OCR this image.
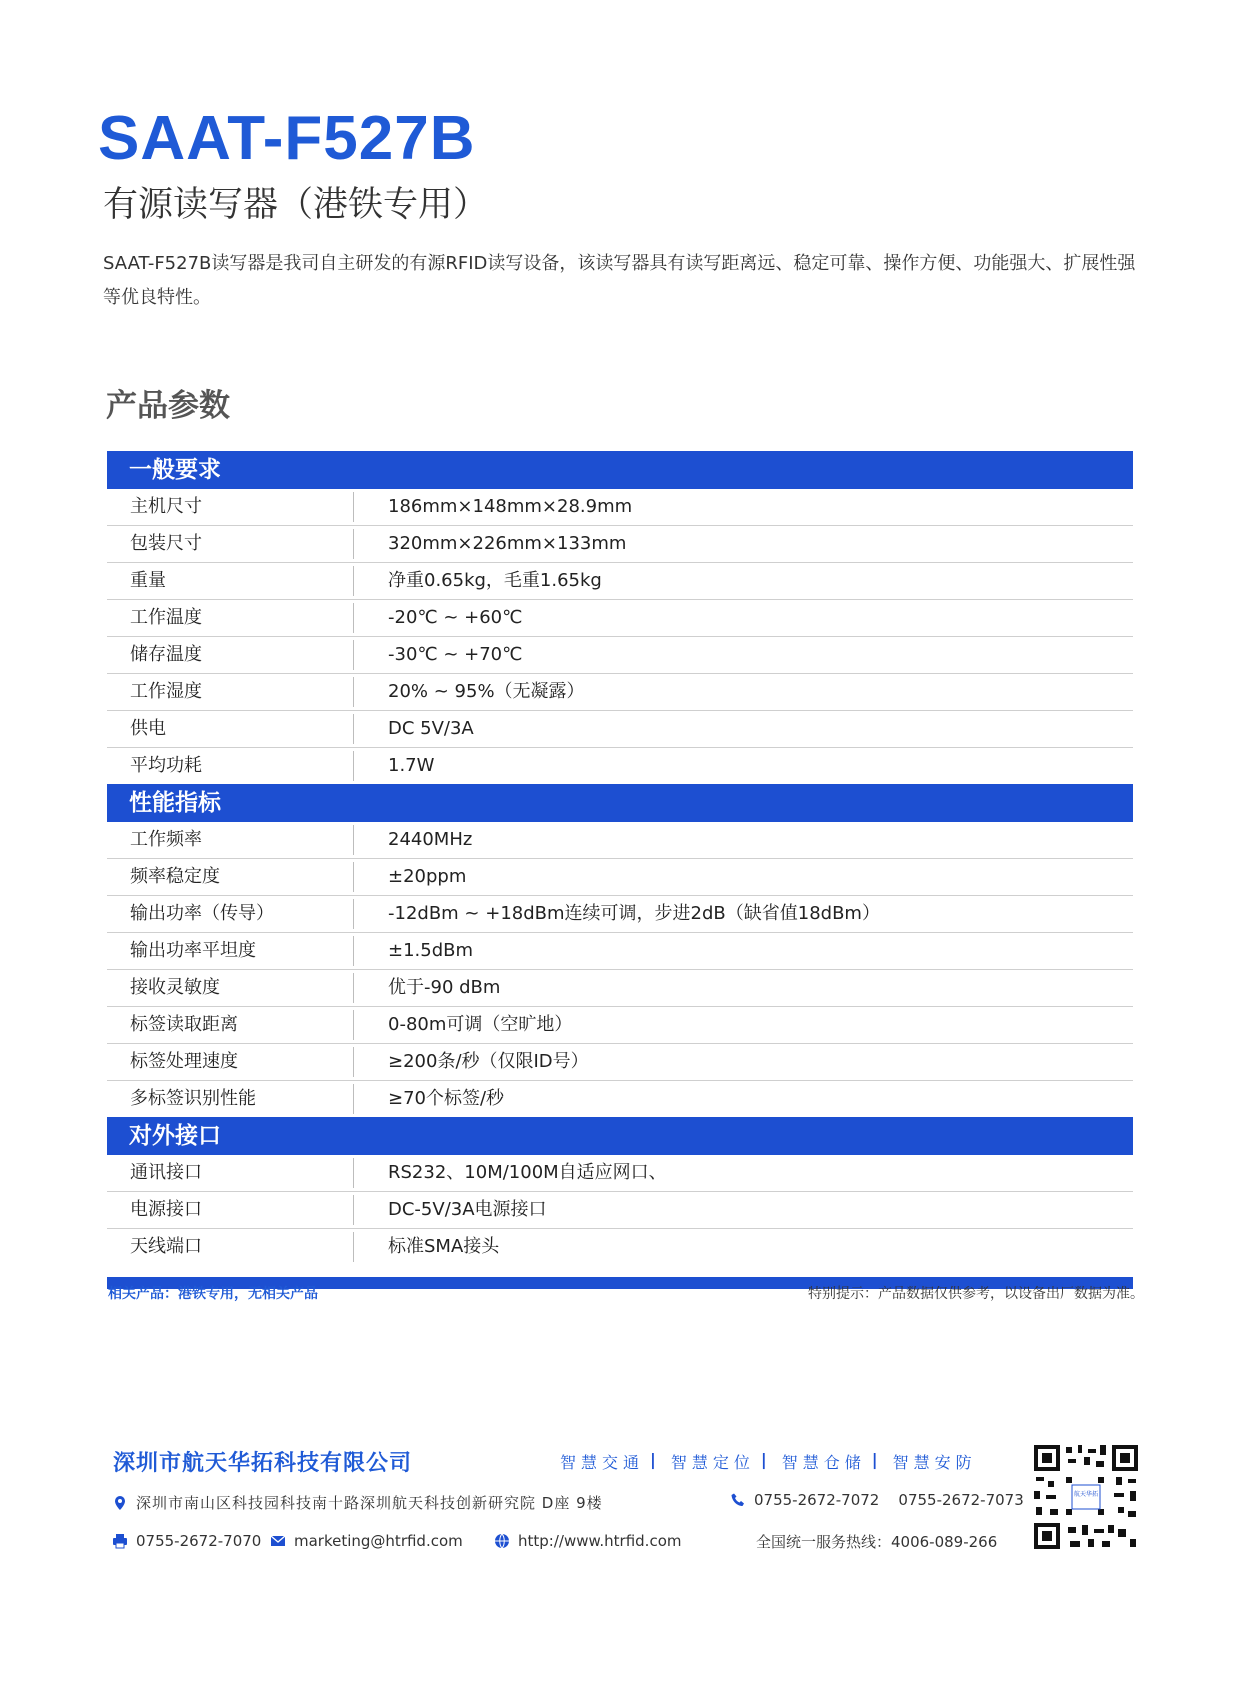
SAAT-F527B
有源读写器（港铁专用）
SAAT-F527B读写器是我司自主研发的有源RFID读写设备，该读写器具有读写距离远、稳定可靠、操作方便、功能强大、扩展性强等优良特性。
产品参数
一般要求
主机尺寸	186mm×148mm×28.9mm
包装尺寸	320mm×226mm×133mm
重量	净重0.65kg，毛重1.65kg
工作温度	-20℃ ~ +60℃
储存温度	-30℃ ~ +70℃
工作湿度	20% ~ 95%（无凝露）
供电	DC 5V/3A
平均功耗	1.7W
性能指标
工作频率	2440MHz
频率稳定度	±20ppm
输出功率（传导）	-12dBm ~ +18dBm连续可调，步进2dB（缺省值18dBm）
输出功率平坦度	±1.5dBm
接收灵敏度	优于-90 dBm
标签读取距离	0-80m可调（空旷地）
标签处理速度	≥200条/秒（仅限ID号）
多标签识别性能	≥70个标签/秒
对外接口
通讯接口	RS232、10M/100M自适应网口、
电源接口	DC-5V/3A电源接口
天线端口	标准SMA接头
相关产品：港铁专用，无相关产品	特别提示：产品数据仅供参考，以设备出厂数据为准。
深圳市航天华拓科技有限公司	智慧交通 | 智慧定位 | 智慧仓储 | 智慧安防
深圳市南山区科技园科技南十路深圳航天科技创新研究院 D座 9楼	0755-2672-7072    0755-2672-7073
0755-2672-7070 marketing@htrfid.com	http://www.htrfid.com	全国统一服务热线：4006-089-266
航天华拓
